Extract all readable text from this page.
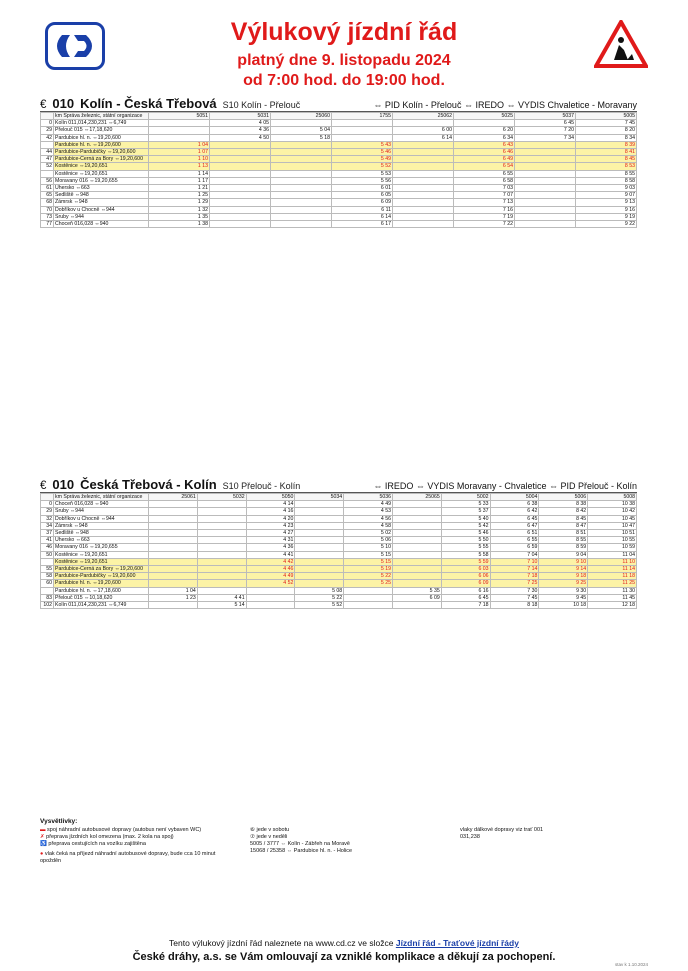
Výlukový jízdní řád
platný dne 9. listopadu 2024
od 7:00 hod. do 19:00 hod.
€ 010 Kolín - Česká Třebová S10 Kolín - Přelouč	⇔ PID Kolín - Přelouč ⇔ IREDO ⇔ VYDIS Chvaletice - Moravany
	km Správa železnic, státní organizace	5051	5031	25060	1755	25062	5025	5037	5005
0	Kolín 011,014,230,231 ⇔6,749		4 05					6 45	7 45
29	Přelouč 015 ⇔17,18,620		4 36	5 04		6 00	6 20	7 20	8 20
42	Pardubice hl. n. ⇔19,20,600		4 50	5 18		6 14	6 34	7 34	8 34
	Pardubice hl. n. ⇔19,20,600	1 04			5 43		6 43		8 39
44	Pardubice-Pardubičky ⇔19,20,600	1 07			5 46		6 46		8 41
47	Pardubice-Černá za Bory ⇔19,20,600	1 10			5 49		6 49		8 45
52	Kostěnice ⇔19,20,651	1 13			5 52		6 54		8 53
	Kostěnice ⇔19,20,651	1 14			5 53		6 55		8 55
56	Moravany 016 ⇔19,20,655	1 17			5 56		6 58		8 58
61	Uhersko ⇔663	1 21			6 01		7 03		9 03
65	Sedliště ⇔948	1 25			6 05		7 07		9 07
68	Zámrsk ⇔948	1 29			6 09		7 13		9 13
70	Dobříkov u Chocně ⇔944	1 32			6 11		7 16		9 16
73	Sruby ⇔944	1 35			6 14		7 19		9 19
77	Choceň 016,028 ⇔940	1 38			6 17		7 22		9 22
€ 010 Česká Třebová - Kolín S10 Přelouč - Kolín	⇔ IREDO ⇔ VYDIS Moravany - Chvaletice ⇔ PID Přelouč - Kolín
	km Správa železnic, státní organizace	25061	5032	5050	5034	5036	25065	5002	5004	5006	5008
0	Choceň 016,028 ⇔940			4 14		4 49		5 33	6 38	8 38	10 38
29	Sruby ⇔944			4 16		4 53		5 37	6 42	8 42	10 42
32	Dobříkov u Chocně ⇔944			4 20		4 56		5 40	6 45	8 45	10 45
34	Zámrsk ⇔948			4 23		4 58		5 42	6 47	8 47	10 47
37	Sedliště ⇔948			4 27		5 02		5 46	6 51	8 51	10 51
41	Uhersko ⇔663			4 31		5 06		5 50	6 55	8 55	10 55
46	Moravany 016 ⇔19,20,655			4 36		5 10		5 55	6 59	8 59	10 59
50	Kostěnice ⇔19,20,651			4 41		5 15		5 58	7 04	9 04	11 04
	Kostěnice ⇔19,20,651			4 42		5 15		5 59	7 10	9 10	11 10
55	Pardubice-Černá za Bory ⇔19,20,600			4 46		5 19		6 03	7 14	9 14	11 14
58	Pardubice-Pardubičky ⇔19,20,600			4 49		5 22		6 06	7 18	9 18	11 18
60	Pardubice hl. n. ⇔19,20,600			4 52		5 25		6 09	7 25	9 25	11 25
	Pardubice hl. n. ⇔17,18,600	1 04			5 08		5 35	6 16	7 30	9 30	11 30
83	Přelouč 015 ⇔10,18,620	1 23	4 41		5 22		6 09	6 45	7 45	9 45	11 45
102	Kolín 011,014,230,231 ⇔6,749		5 14		5 52			7 18	8 18	10 18	12 18
Vysvětlivky:
▬ spoj náhradní autobusové dopravy (autobus není vybaven WC)
✗ přeprava jízdních kol omezena (max. 2 kola na spoj)
♿ přeprava cestujících na vozíku zajištěna
● vlak čeká na příjezd náhradní autobusové dopravy, bude cca 10 minut opožděn
⑥ jede v sobotu
⑦ jede v neděli
5005 / 3777 ⇔ Kolín - Zábřeh na Moravě
15068 / 25358 ⇔ Pardubice hl. n. - Holice
vlaky dálkové dopravy viz trať 001
031,238
Tento výlukový jízdní řád naleznete na www.cd.cz ve složce Jízdní řád - Traťové jízdní řády
České dráhy, a.s. se Vám omlouvají za vzniklé komplikace a děkují za pochopení.
stav k 1.10.2024
